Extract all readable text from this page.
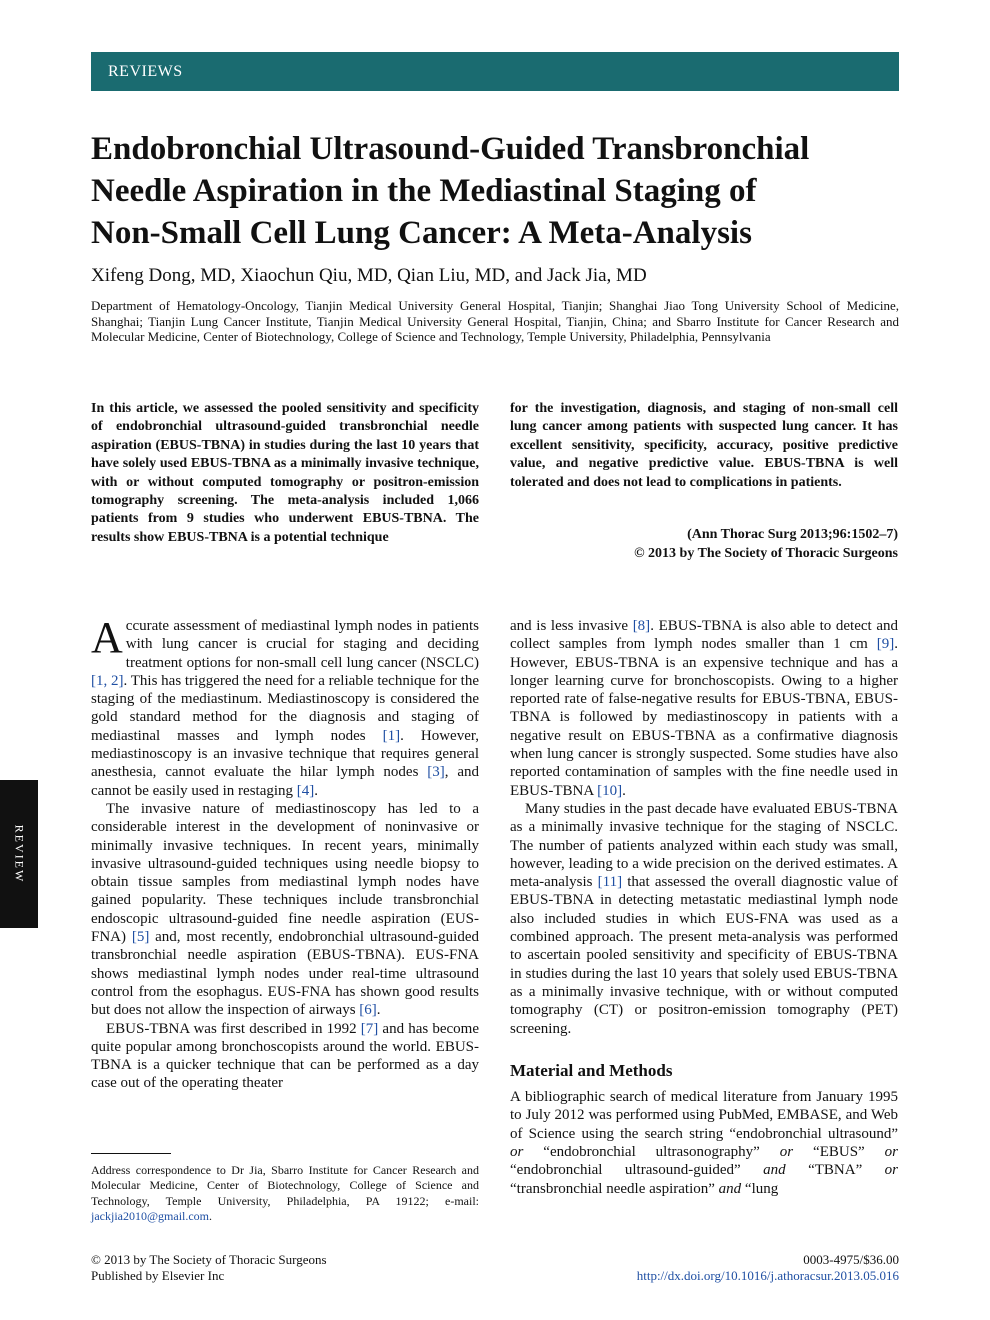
REVIEWS
Endobronchial Ultrasound-Guided Transbronchial
Needle Aspiration in the Mediastinal Staging of
Non-Small Cell Lung Cancer: A Meta-Analysis

Xifeng Dong, MD, Xiaochun Qiu, MD, Qian Liu, MD, and Jack Jia, MD

Department of Hematology-Oncology, Tianjin Medical University General Hospital, Tianjin; Shanghai Jiao Tong University School of Medicine, Shanghai; Tianjin Lung Cancer Institute, Tianjin Medical University General Hospital, Tianjin, China; and Sbarro Institute for Cancer Research and Molecular Medicine, Center of Biotechnology, College of Science and Technology, Temple University, Philadelphia, Pennsylvania

In this article, we assessed the pooled sensitivity and specificity of endobronchial ultrasound-guided transbronchial needle aspiration (EBUS-TBNA) in studies during the last 10 years that have solely used EBUS-TBNA as a minimally invasive technique, with or without computed tomography or positron-emission tomography screening. The meta-analysis included 1,066 patients from 9 studies who underwent EBUS-TBNA. The results show EBUS-TBNA is a potential technique

for the investigation, diagnosis, and staging of non-small cell lung cancer among patients with suspected lung cancer. It has excellent sensitivity, specificity, accuracy, positive predictive value, and negative predictive value. EBUS-TBNA is well tolerated and does not lead to complications in patients.

(Ann Thorac Surg 2013;96:1502–7)

© 2013 by The Society of Thoracic Surgeons

REVIEW

Accurate assessment of mediastinal lymph nodes in patients with lung cancer is crucial for staging and deciding treatment options for non-small cell lung cancer (NSCLC) [1, 2]. This has triggered the need for a reliable technique for the staging of the mediastinum. Mediastinoscopy is considered the gold standard method for the diagnosis and staging of mediastinal masses and lymph nodes [1]. However, mediastinoscopy is an invasive technique that requires general anesthesia, cannot evaluate the hilar lymph nodes [3], and cannot be easily used in restaging [4].

The invasive nature of mediastinoscopy has led to a considerable interest in the development of noninvasive or minimally invasive techniques. In recent years, minimally invasive ultrasound-guided techniques using needle biopsy to obtain tissue samples from mediastinal lymph nodes have gained popularity. These techniques include transbronchial endoscopic ultrasound-guided fine needle aspiration (EUS-FNA) [5] and, most recently, endobronchial ultrasound-guided transbronchial needle aspiration (EBUS-TBNA). EUS-FNA shows mediastinal lymph nodes under real-time ultrasound control from the esophagus. EUS-FNA has shown good results but does not allow the inspection of airways [6].

EBUS-TBNA was first described in 1992 [7] and has become quite popular among bronchoscopists around the world. EBUS-TBNA is a quicker technique that can be performed as a day case out of the operating theater

and is less invasive [8]. EBUS-TBNA is also able to detect and collect samples from lymph nodes smaller than 1 cm [9]. However, EBUS-TBNA is an expensive technique and has a longer learning curve for bronchoscopists. Owing to a higher reported rate of false-negative results for EBUS-TBNA, EBUS-TBNA is followed by mediastinoscopy in patients with a negative result on EBUS-TBNA as a confirmative diagnosis when lung cancer is strongly suspected. Some studies have also reported contamination of samples with the fine needle used in EBUS-TBNA [10].

Many studies in the past decade have evaluated EBUS-TBNA as a minimally invasive technique for the staging of NSCLC. The number of patients analyzed within each study was small, however, leading to a wide precision on the derived estimates. A meta-analysis [11] that assessed the overall diagnostic value of EBUS-TBNA in detecting metastatic mediastinal lymph node also included studies in which EUS-FNA was used as a combined approach. The present meta-analysis was performed to ascertain pooled sensitivity and specificity of EBUS-TBNA in studies during the last 10 years that solely used EBUS-TBNA as a minimally invasive technique, with or without computed tomography (CT) or positron-emission tomography (PET) screening.

Material and Methods

A bibliographic search of medical literature from January 1995 to July 2012 was performed using PubMed, EMBASE, and Web of Science using the search string “endobronchial ultrasound” or “endobronchial ultrasonography” or “EBUS” or “endobronchial ultrasound-guided” and “TBNA” or “transbronchial needle aspiration” and “lung

Address correspondence to Dr Jia, Sbarro Institute for Cancer Research and Molecular Medicine, Center of Biotechnology, College of Science and Technology, Temple University, Philadelphia, PA 19122; e-mail: jackjia2010@gmail.com.

© 2013 by The Society of Thoracic Surgeons
Published by Elsevier Inc
0003-4975/$36.00
http://dx.doi.org/10.1016/j.athoracsur.2013.05.016
